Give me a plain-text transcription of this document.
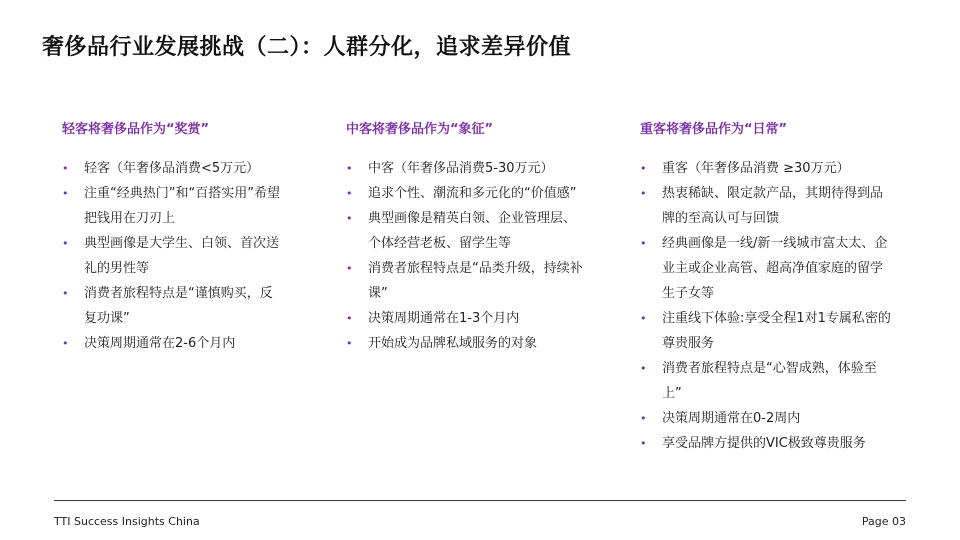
奢侈品行业发展挑战（二）：人群分化，追求差异价值
轻客将奢侈品作为“奖赏”
• 轻客（年奢侈品消费<5万元）
• 注重“经典热门”和“百搭实用”希望把钱用在刀刃上
• 典型画像是大学生、白领、首次送礼的男性等
• 消费者旅程特点是“谨慎购买，反复功课”
• 决策周期通常在2-6个月内
中客将奢侈品作为“象征”
• 中客（年奢侈品消费5-30万元）
• 追求个性、潮流和多元化的“价值感”
• 典型画像是精英白领、企业管理层、个体经营老板、留学生等
• 消费者旅程特点是“品类升级，持续补课”
• 决策周期通常在1-3个月内
• 开始成为品牌私域服务的对象
重客将奢侈品作为“日常”
• 重客（年奢侈品消费 ≥30万元）
• 热衷稀缺、限定款产品，其期待得到品牌的至高认可与回馈
• 经典画像是一线/新一线城市富太太、企业主或企业高管、超高净值家庭的留学生子女等
• 注重线下体验:享受全程1对1专属私密的尊贵服务
• 消费者旅程特点是“心智成熟，体验至上”
• 决策周期通常在0-2周内
• 享受品牌方提供的VIC极致尊贵服务
TTI Success Insights China	Page 03
